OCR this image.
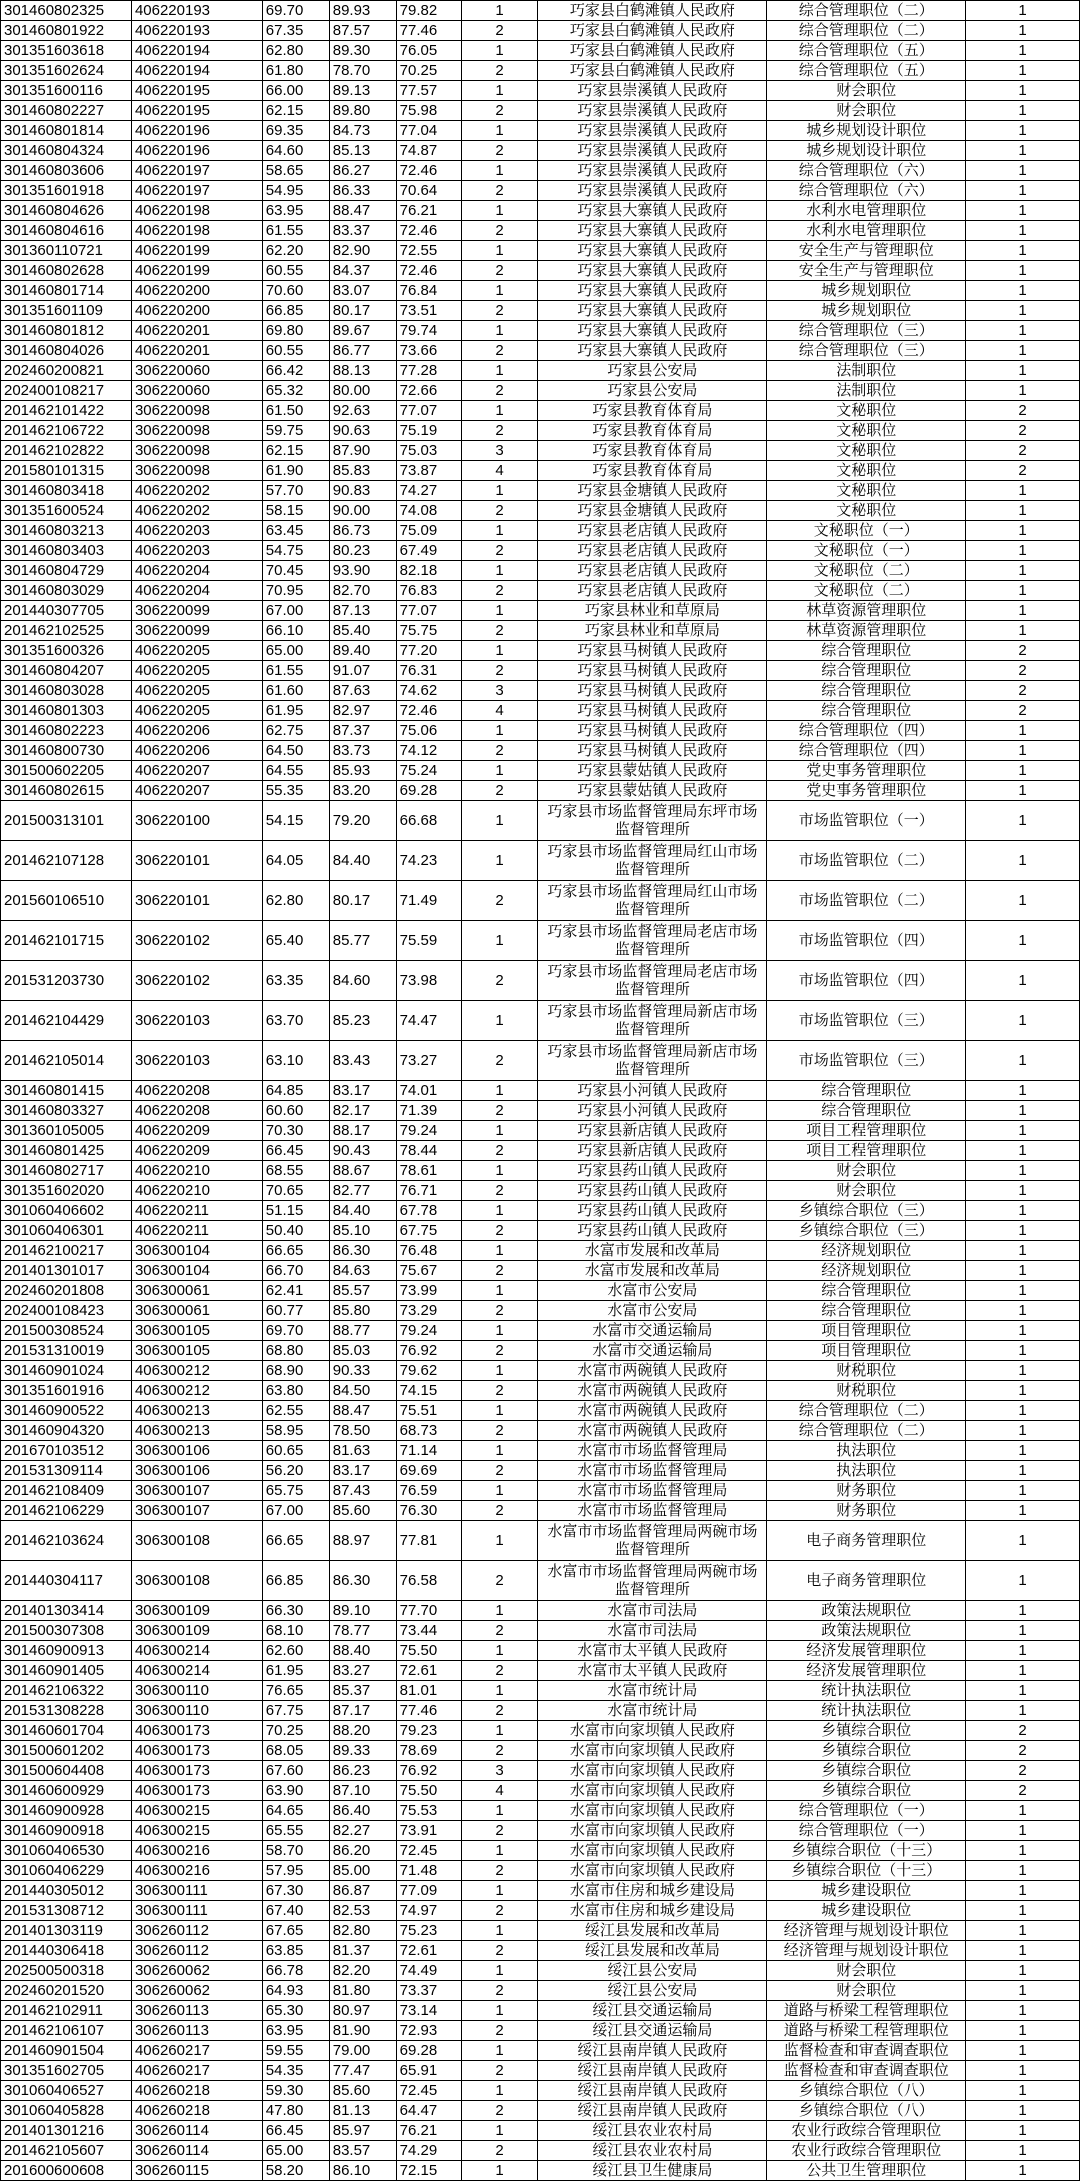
301460802325	406220193	69.70	89.93	79.82	1	巧家县白鹤滩镇人民政府	综合管理职位（二）	1
301460801922	406220193	67.35	87.57	77.46	2	巧家县白鹤滩镇人民政府	综合管理职位（二）	1
301351603618	406220194	62.80	89.30	76.05	1	巧家县白鹤滩镇人民政府	综合管理职位（五）	1
301351602624	406220194	61.80	78.70	70.25	2	巧家县白鹤滩镇人民政府	综合管理职位（五）	1
301351600116	406220195	66.00	89.13	77.57	1	巧家县崇溪镇人民政府	财会职位	1
301460802227	406220195	62.15	89.80	75.98	2	巧家县崇溪镇人民政府	财会职位	1
301460801814	406220196	69.35	84.73	77.04	1	巧家县崇溪镇人民政府	城乡规划设计职位	1
301460804324	406220196	64.60	85.13	74.87	2	巧家县崇溪镇人民政府	城乡规划设计职位	1
301460803606	406220197	58.65	86.27	72.46	1	巧家县崇溪镇人民政府	综合管理职位（六）	1
301351601918	406220197	54.95	86.33	70.64	2	巧家县崇溪镇人民政府	综合管理职位（六）	1
301460804626	406220198	63.95	88.47	76.21	1	巧家县大寨镇人民政府	水利水电管理职位	1
301460804616	406220198	61.55	83.37	72.46	2	巧家县大寨镇人民政府	水利水电管理职位	1
301360110721	406220199	62.20	82.90	72.55	1	巧家县大寨镇人民政府	安全生产与管理职位	1
301460802628	406220199	60.55	84.37	72.46	2	巧家县大寨镇人民政府	安全生产与管理职位	1
301460801714	406220200	70.60	83.07	76.84	1	巧家县大寨镇人民政府	城乡规划职位	1
301351601109	406220200	66.85	80.17	73.51	2	巧家县大寨镇人民政府	城乡规划职位	1
301460801812	406220201	69.80	89.67	79.74	1	巧家县大寨镇人民政府	综合管理职位（三）	1
301460804026	406220201	60.55	86.77	73.66	2	巧家县大寨镇人民政府	综合管理职位（三）	1
202460200821	306220060	66.42	88.13	77.28	1	巧家县公安局	法制职位	1
202400108217	306220060	65.32	80.00	72.66	2	巧家县公安局	法制职位	1
201462101422	306220098	61.50	92.63	77.07	1	巧家县教育体育局	文秘职位	2
201462106722	306220098	59.75	90.63	75.19	2	巧家县教育体育局	文秘职位	2
201462102822	306220098	62.15	87.90	75.03	3	巧家县教育体育局	文秘职位	2
201580101315	306220098	61.90	85.83	73.87	4	巧家县教育体育局	文秘职位	2
301460803418	406220202	57.70	90.83	74.27	1	巧家县金塘镇人民政府	文秘职位	1
301351600524	406220202	58.15	90.00	74.08	2	巧家县金塘镇人民政府	文秘职位	1
301460803213	406220203	63.45	86.73	75.09	1	巧家县老店镇人民政府	文秘职位（一）	1
301460803403	406220203	54.75	80.23	67.49	2	巧家县老店镇人民政府	文秘职位（一）	1
301460804729	406220204	70.45	93.90	82.18	1	巧家县老店镇人民政府	文秘职位（二）	1
301460803029	406220204	70.95	82.70	76.83	2	巧家县老店镇人民政府	文秘职位（二）	1
201440307705	306220099	67.00	87.13	77.07	1	巧家县林业和草原局	林草资源管理职位	1
201462102525	306220099	66.10	85.40	75.75	2	巧家县林业和草原局	林草资源管理职位	1
301351600326	406220205	65.00	89.40	77.20	1	巧家县马树镇人民政府	综合管理职位	2
301460804207	406220205	61.55	91.07	76.31	2	巧家县马树镇人民政府	综合管理职位	2
301460803028	406220205	61.60	87.63	74.62	3	巧家县马树镇人民政府	综合管理职位	2
301460801303	406220205	61.95	82.97	72.46	4	巧家县马树镇人民政府	综合管理职位	2
301460802223	406220206	62.75	87.37	75.06	1	巧家县马树镇人民政府	综合管理职位（四）	1
301460800730	406220206	64.50	83.73	74.12	2	巧家县马树镇人民政府	综合管理职位（四）	1
301500602205	406220207	64.55	85.93	75.24	1	巧家县蒙姑镇人民政府	党史事务管理职位	1
301460802615	406220207	55.35	83.20	69.28	2	巧家县蒙姑镇人民政府	党史事务管理职位	1
201500313101	306220100	54.15	79.20	66.68	1	巧家县市场监督管理局东坪市场监督管理所	市场监管职位（一）	1
201462107128	306220101	64.05	84.40	74.23	1	巧家县市场监督管理局红山市场监督管理所	市场监管职位（二）	1
201560106510	306220101	62.80	80.17	71.49	2	巧家县市场监督管理局红山市场监督管理所	市场监管职位（二）	1
201462101715	306220102	65.40	85.77	75.59	1	巧家县市场监督管理局老店市场监督管理所	市场监管职位（四）	1
201531203730	306220102	63.35	84.60	73.98	2	巧家县市场监督管理局老店市场监督管理所	市场监管职位（四）	1
201462104429	306220103	63.70	85.23	74.47	1	巧家县市场监督管理局新店市场监督管理所	市场监管职位（三）	1
201462105014	306220103	63.10	83.43	73.27	2	巧家县市场监督管理局新店市场监督管理所	市场监管职位（三）	1
301460801415	406220208	64.85	83.17	74.01	1	巧家县小河镇人民政府	综合管理职位	1
301460803327	406220208	60.60	82.17	71.39	2	巧家县小河镇人民政府	综合管理职位	1
301360105005	406220209	70.30	88.17	79.24	1	巧家县新店镇人民政府	项目工程管理职位	1
301460801425	406220209	66.45	90.43	78.44	2	巧家县新店镇人民政府	项目工程管理职位	1
301460802717	406220210	68.55	88.67	78.61	1	巧家县药山镇人民政府	财会职位	1
301351602020	406220210	70.65	82.77	76.71	2	巧家县药山镇人民政府	财会职位	1
301060406602	406220211	51.15	84.40	67.78	1	巧家县药山镇人民政府	乡镇综合职位（三）	1
301060406301	406220211	50.40	85.10	67.75	2	巧家县药山镇人民政府	乡镇综合职位（三）	1
201462100217	306300104	66.65	86.30	76.48	1	水富市发展和改革局	经济规划职位	1
201401301017	306300104	66.70	84.63	75.67	2	水富市发展和改革局	经济规划职位	1
202460201808	306300061	62.41	85.57	73.99	1	水富市公安局	综合管理职位	1
202400108423	306300061	60.77	85.80	73.29	2	水富市公安局	综合管理职位	1
201500308524	306300105	69.70	88.77	79.24	1	水富市交通运输局	项目管理职位	1
201531310019	306300105	68.80	85.03	76.92	2	水富市交通运输局	项目管理职位	1
301460901024	406300212	68.90	90.33	79.62	1	水富市两碗镇人民政府	财税职位	1
301351601916	406300212	63.80	84.50	74.15	2	水富市两碗镇人民政府	财税职位	1
301460900522	406300213	62.55	88.47	75.51	1	水富市两碗镇人民政府	综合管理职位（二）	1
301460904320	406300213	58.95	78.50	68.73	2	水富市两碗镇人民政府	综合管理职位（二）	1
201670103512	306300106	60.65	81.63	71.14	1	水富市市场监督管理局	执法职位	1
201531309114	306300106	56.20	83.17	69.69	2	水富市市场监督管理局	执法职位	1
201462108409	306300107	65.75	87.43	76.59	1	水富市市场监督管理局	财务职位	1
201462106229	306300107	67.00	85.60	76.30	2	水富市市场监督管理局	财务职位	1
201462103624	306300108	66.65	88.97	77.81	1	水富市市场监督管理局两碗市场监督管理所	电子商务管理职位	1
201440304117	306300108	66.85	86.30	76.58	2	水富市市场监督管理局两碗市场监督管理所	电子商务管理职位	1
201401303414	306300109	66.30	89.10	77.70	1	水富市司法局	政策法规职位	1
201500307308	306300109	68.10	78.77	73.44	2	水富市司法局	政策法规职位	1
301460900913	406300214	62.60	88.40	75.50	1	水富市太平镇人民政府	经济发展管理职位	1
301460901405	406300214	61.95	83.27	72.61	2	水富市太平镇人民政府	经济发展管理职位	1
201462106322	306300110	76.65	85.37	81.01	1	水富市统计局	统计执法职位	1
201531308228	306300110	67.75	87.17	77.46	2	水富市统计局	统计执法职位	1
301460601704	406300173	70.25	88.20	79.23	1	水富市向家坝镇人民政府	乡镇综合职位	2
301500601202	406300173	68.05	89.33	78.69	2	水富市向家坝镇人民政府	乡镇综合职位	2
301500604408	406300173	67.60	86.23	76.92	3	水富市向家坝镇人民政府	乡镇综合职位	2
301460600929	406300173	63.90	87.10	75.50	4	水富市向家坝镇人民政府	乡镇综合职位	2
301460900928	406300215	64.65	86.40	75.53	1	水富市向家坝镇人民政府	综合管理职位（一）	1
301460900918	406300215	65.55	82.27	73.91	2	水富市向家坝镇人民政府	综合管理职位（一）	1
301060406530	406300216	58.70	86.20	72.45	1	水富市向家坝镇人民政府	乡镇综合职位（十三）	1
301060406229	406300216	57.95	85.00	71.48	2	水富市向家坝镇人民政府	乡镇综合职位（十三）	1
201440305012	306300111	67.30	86.87	77.09	1	水富市住房和城乡建设局	城乡建设职位	1
201531308712	306300111	67.40	82.53	74.97	2	水富市住房和城乡建设局	城乡建设职位	1
201401303119	306260112	67.65	82.80	75.23	1	绥江县发展和改革局	经济管理与规划设计职位	1
201440306418	306260112	63.85	81.37	72.61	2	绥江县发展和改革局	经济管理与规划设计职位	1
202500500318	306260062	66.78	82.20	74.49	1	绥江县公安局	财会职位	1
202460201520	306260062	64.93	81.80	73.37	2	绥江县公安局	财会职位	1
201462102911	306260113	65.30	80.97	73.14	1	绥江县交通运输局	道路与桥梁工程管理职位	1
201462106107	306260113	63.95	81.90	72.93	2	绥江县交通运输局	道路与桥梁工程管理职位	1
201460901504	406260217	59.55	79.00	69.28	1	绥江县南岸镇人民政府	监督检查和审查调查职位	1
301351602705	406260217	54.35	77.47	65.91	2	绥江县南岸镇人民政府	监督检查和审查调查职位	1
301060406527	406260218	59.30	85.60	72.45	1	绥江县南岸镇人民政府	乡镇综合职位（八）	1
301060405828	406260218	47.80	81.13	64.47	2	绥江县南岸镇人民政府	乡镇综合职位（八）	1
201401301216	306260114	66.45	85.97	76.21	1	绥江县农业农村局	农业行政综合管理职位	1
201462105607	306260114	65.00	83.57	74.29	2	绥江县农业农村局	农业行政综合管理职位	1
201600600608	306260115	58.20	86.10	72.15	1	绥江县卫生健康局	公共卫生管理职位	1
